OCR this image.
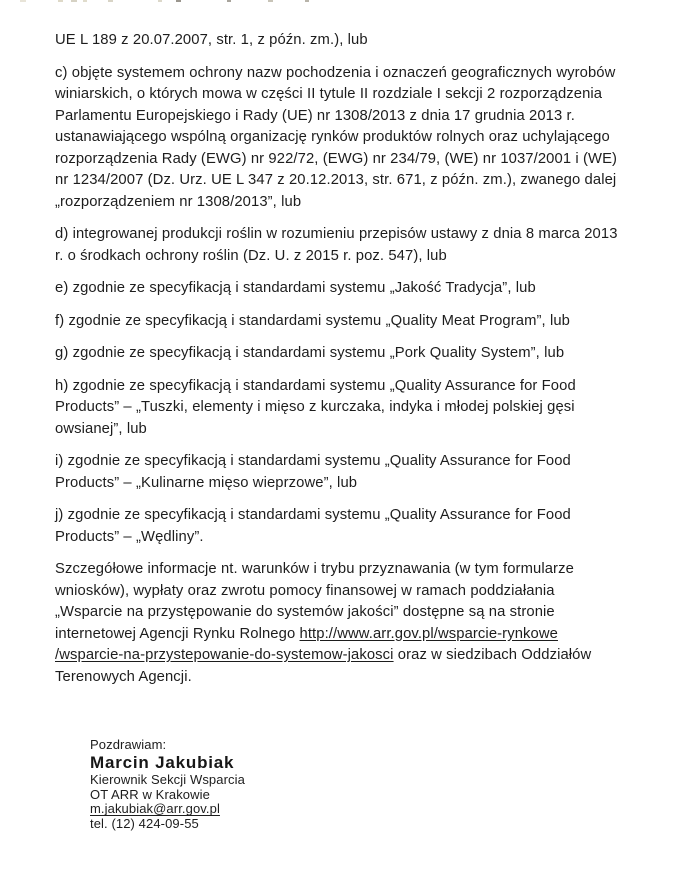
UE L 189 z 20.07.2007, str. 1, z późn. zm.), lub

c) objęte systemem ochrony nazw pochodzenia i oznaczeń geograficznych wyrobów
winiarskich, o których mowa w części II tytule II rozdziale I sekcji 2 rozporządzenia
Parlamentu Europejskiego i Rady (UE) nr 1308/2013 z dnia 17 grudnia 2013 r.
ustanawiającego wspólną organizację rynków produktów rolnych oraz uchylającego
rozporządzenia Rady (EWG) nr 922/72, (EWG) nr 234/79, (WE) nr 1037/2001 i (WE)
nr 1234/2007 (Dz. Urz. UE L 347 z 20.12.2013, str. 671, z późn. zm.), zwanego dalej
„rozporządzeniem nr 1308/2013”, lub

d) integrowanej produkcji roślin w rozumieniu przepisów ustawy z dnia 8 marca 2013
r. o środkach ochrony roślin (Dz. U. z 2015 r. poz. 547), lub

e) zgodnie ze specyfikacją i standardami systemu „Jakość Tradycja”, lub

f) zgodnie ze specyfikacją i standardami systemu „Quality Meat Program”, lub

g) zgodnie ze specyfikacją i standardami systemu „Pork Quality System”, lub

h) zgodnie ze specyfikacją i standardami systemu „Quality Assurance for Food
Products” – „Tuszki, elementy i mięso z kurczaka, indyka i młodej polskiej gęsi
owsianej”, lub

i) zgodnie ze specyfikacją i standardami systemu „Quality Assurance for Food
Products” – „Kulinarne mięso wieprzowe”, lub

j) zgodnie ze specyfikacją i standardami systemu „Quality Assurance for Food
Products” – „Wędliny”.

Szczegółowe informacje nt. warunków i trybu przyznawania (w tym formularze
wniosków), wypłaty oraz zwrotu pomocy finansowej w ramach poddziałania
„Wsparcie na przystępowanie do systemów jakości” dostępne są na stronie
internetowej Agencji Rynku Rolnego http://www.arr.gov.pl/wsparcie-rynkowe
/wsparcie-na-przystepowanie-do-systemow-jakosci oraz w siedzibach Oddziałów
Terenowych Agencji.

Pozdrawiam:
Marcin Jakubiak
Kierownik Sekcji Wsparcia
OT ARR w Krakowie
m.jakubiak@arr.gov.pl
tel. (12) 424-09-55
